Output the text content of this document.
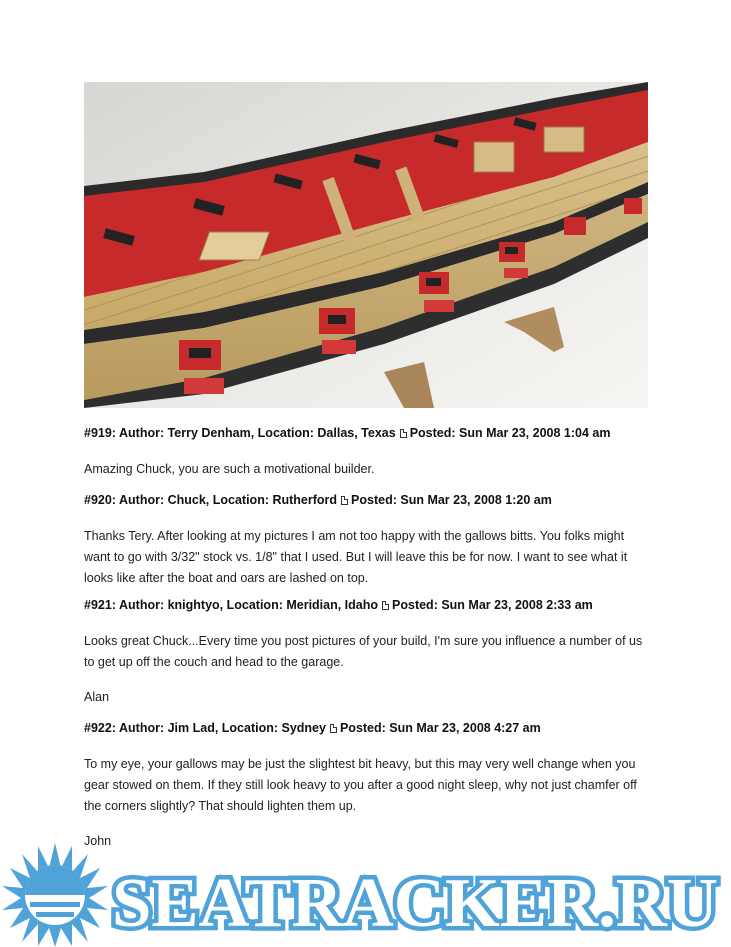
#919: Author: Terry Denham, Location: Dallas, Texas Posted: Sun Mar 23, 2008 1:04 am

Amazing Chuck, you are such a motivational builder.

#920: Author: Chuck, Location: Rutherford Posted: Sun Mar 23, 2008 1:20 am

Thanks Tery. After looking at my pictures I am not too happy with the gallows bitts. You folks might want to go with 3/32" stock vs. 1/8" that I used. But I will leave this be for now. I want to see what it looks like after the boat and oars are lashed on top.

#921: Author: knightyo, Location: Meridian, Idaho Posted: Sun Mar 23, 2008 2:33 am

Looks great Chuck...Every time you post pictures of your build, I'm sure you influence a number of us to get up off the couch and head to the garage.

Alan

#922: Author: Jim Lad, Location: Sydney Posted: Sun Mar 23, 2008 4:27 am

To my eye, your gallows may be just the slightest bit heavy, but this may very well change when you gear stowed on them. If they still look heavy to you after a good night sleep, why not just chamfer off the corners slightly? That should lighten them up.

John

SEATRACKER.RU
